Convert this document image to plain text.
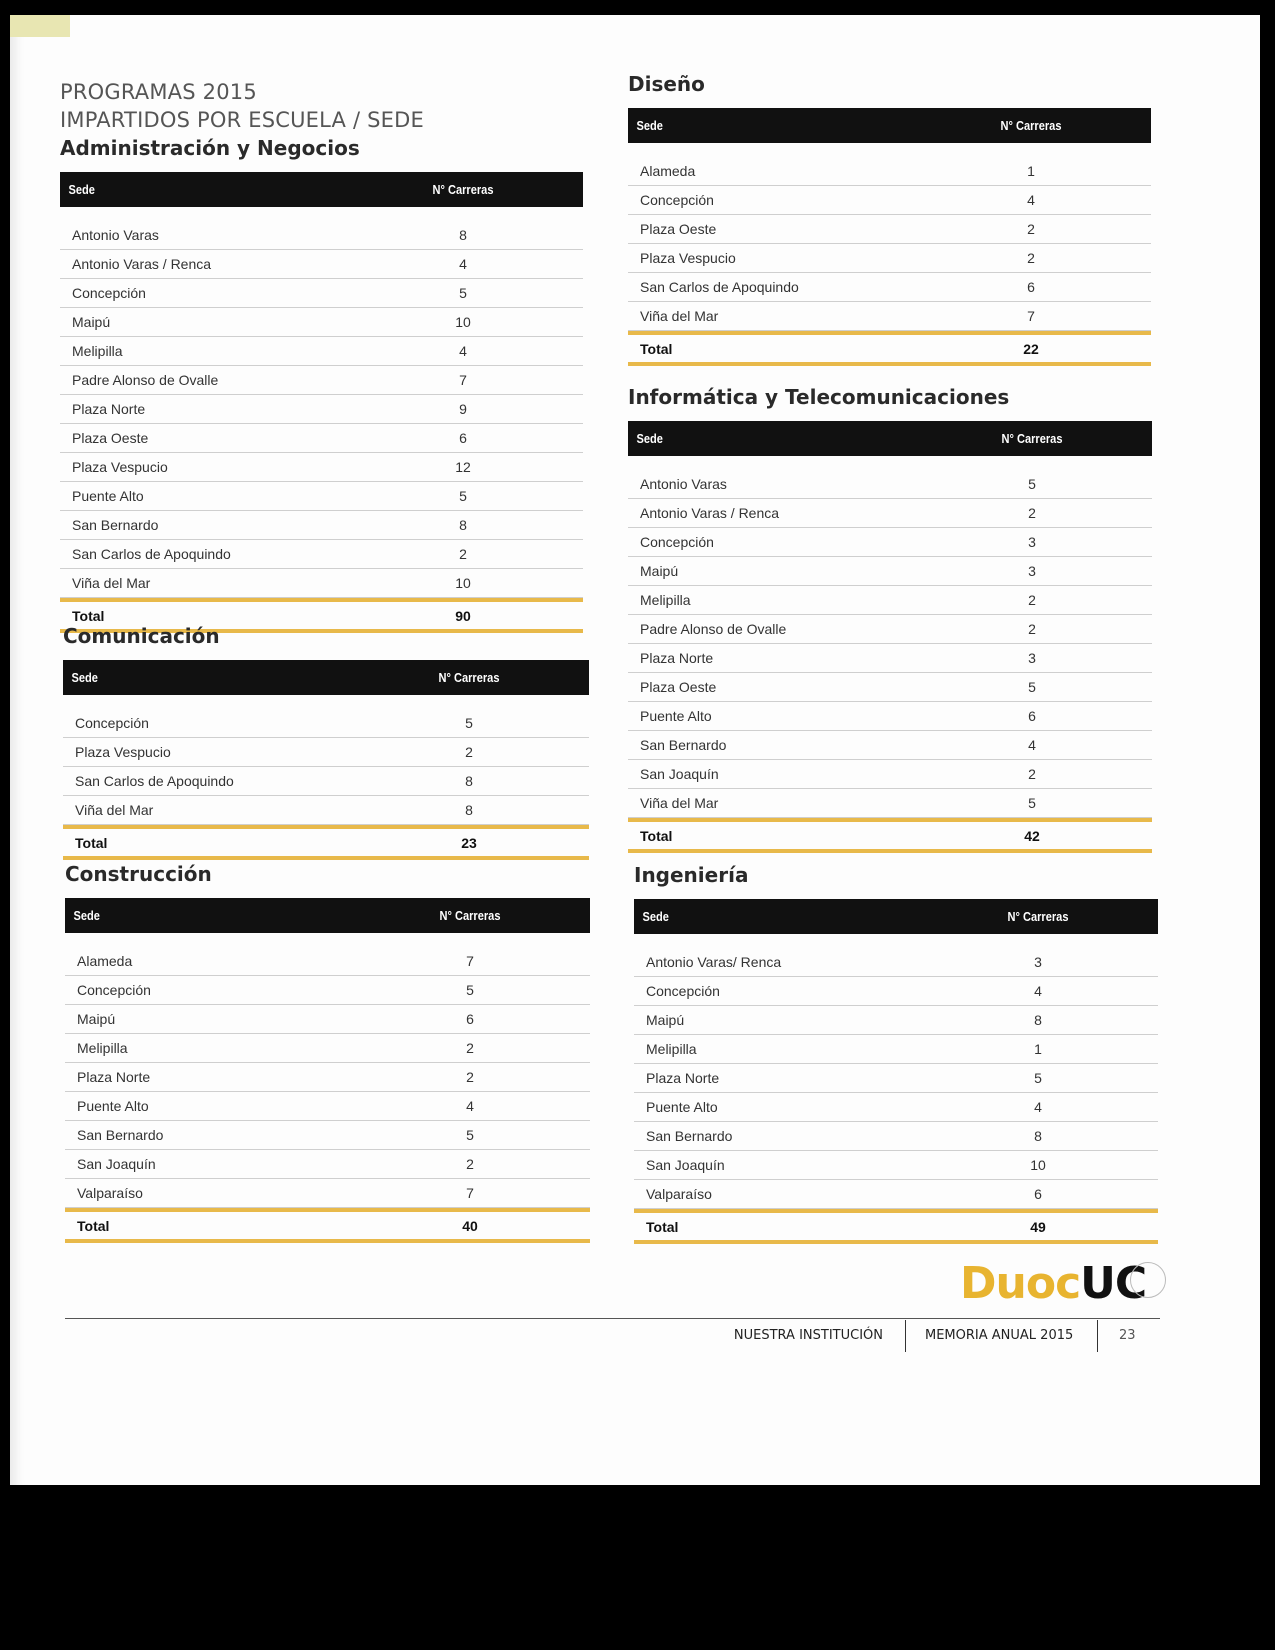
PROGRAMAS 2015
IMPARTIDOS POR ESCUELA / SEDE
Administración y Negocios
Sede	N° Carreras
Antonio Varas	8
Antonio Varas / Renca	4
Concepción	5
Maipú	10
Melipilla	4
Padre Alonso de Ovalle	7
Plaza Norte	9
Plaza Oeste	6
Plaza Vespucio	12
Puente Alto	5
San Bernardo	8
San Carlos de Apoquindo	2
Viña del Mar	10
Total	90
Comunicación
Sede	N° Carreras
Concepción	5
Plaza Vespucio	2
San Carlos de Apoquindo	8
Viña del Mar	8
Total	23
Construcción
Sede	N° Carreras
Alameda	7
Concepción	5
Maipú	6
Melipilla	2
Plaza Norte	2
Puente Alto	4
San Bernardo	5
San Joaquín	2
Valparaíso	7
Total	40
Diseño
Sede	N° Carreras
Alameda	1
Concepción	4
Plaza Oeste	2
Plaza Vespucio	2
San Carlos de Apoquindo	6
Viña del Mar	7
Total	22
Informática y Telecomunicaciones
Sede	N° Carreras
Antonio Varas	5
Antonio Varas / Renca	2
Concepción	3
Maipú	3
Melipilla	2
Padre Alonso de Ovalle	2
Plaza Norte	3
Plaza Oeste	5
Puente Alto	6
San Bernardo	4
San Joaquín	2
Viña del Mar	5
Total	42
Ingeniería
Sede	N° Carreras
Antonio Varas/ Renca	3
Concepción	4
Maipú	8
Melipilla	1
Plaza Norte	5
Puente Alto	4
San Bernardo	8
San Joaquín	10
Valparaíso	6
Total	49
DuocUC
NUESTRA INSTITUCIÓN	MEMORIA ANUAL 2015	23
